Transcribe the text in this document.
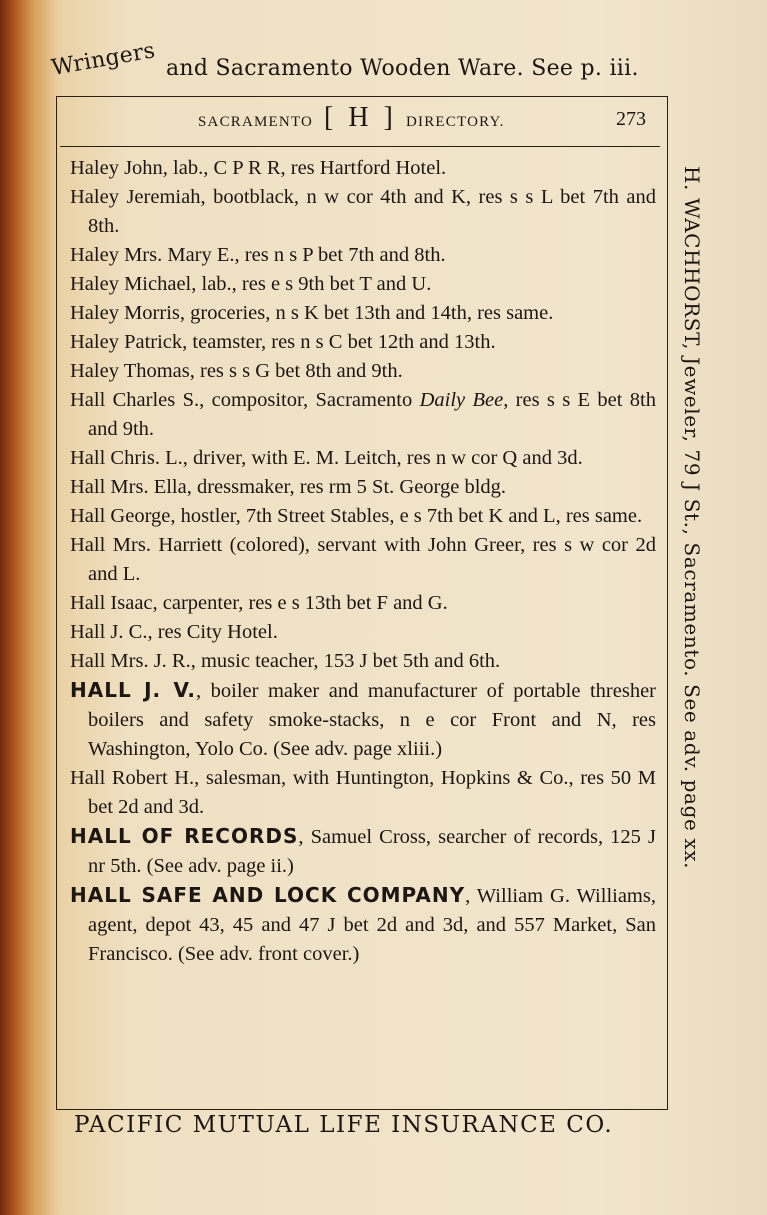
Wringers and Sacramento Wooden Ware. See p. iii.
SACRAMENTO [ H ] DIRECTORY.	273
Haley John, lab., C P R R, res Hartford Hotel.
Haley Jeremiah, bootblack, n w cor 4th and K, res s s L bet 7th and 8th.
Haley Mrs. Mary E., res n s P bet 7th and 8th.
Haley Michael, lab., res e s 9th bet T and U.
Haley Morris, groceries, n s K bet 13th and 14th, res same.
Haley Patrick, teamster, res n s C bet 12th and 13th.
Haley Thomas, res s s G bet 8th and 9th.
Hall Charles S., compositor, Sacramento Daily Bee, res s s E bet 8th and 9th.
Hall Chris. L., driver, with E. M. Leitch, res n w cor Q and 3d.
Hall Mrs. Ella, dressmaker, res rm 5 St. George bldg.
Hall George, hostler, 7th Street Stables, e s 7th bet K and L, res same.
Hall Mrs. Harriett (colored), servant with John Greer, res s w cor 2d and L.
Hall Isaac, carpenter, res e s 13th bet F and G.
Hall J. C., res City Hotel.
Hall Mrs. J. R., music teacher, 153 J bet 5th and 6th.
HALL J. V., boiler maker and manufacturer of portable thresher boilers and safety smoke-stacks, n e cor Front and N, res Washington, Yolo Co. (See adv. page xliii.)
Hall Robert H., salesman, with Huntington, Hopkins & Co., res 50 M bet 2d and 3d.
HALL OF RECORDS, Samuel Cross, searcher of records, 125 J nr 5th. (See adv. page ii.)
HALL SAFE AND LOCK COMPANY, William G. Williams, agent, depot 43, 45 and 47 J bet 2d and 3d, and 557 Market, San Francisco. (See adv. front cover.)
H. WACHHORST, Jeweler, 79 J St., Sacramento. See adv. page xx.
PACIFIC MUTUAL LIFE INSURANCE CO.
